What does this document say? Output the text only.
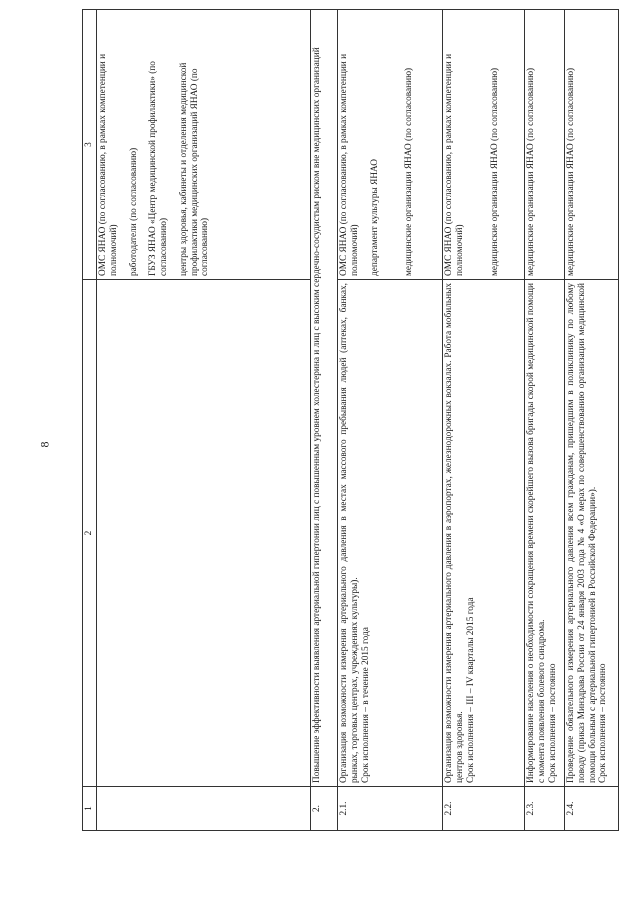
8
1	2	3

		ОМС ЯНАО (по согласованию, в рамках компетенции и полномочий) работодатели (по согласованию) ГБУЗ ЯНАО «Центр медицинской профилактики» (по согласованию) центры здоровья, кабинеты и отделения медицинской профилактики медицинских организаций ЯНАО (по согласованию)

2.	Повышение эффективности выявления артериальной гипертонии лиц с повышенным уровнем холестерина и лиц с высоким сердечно-сосудистым риском вне медицинских организаций	
2.1.	Организация возможности измерения артериального давления в местах массового пребывания людей (аптеках, банках, рынках, торговых центрах, учреждениях культуры). Срок исполнения – в течение 2015 года	ОМС ЯНАО (по согласованию, в рамках компетенции и полномочий) департамент культуры ЯНАО медицинские организации ЯНАО (по согласованию)

2.2.	Организация возможности измерения артериального давления в аэропортах, железнодорожных вокзалах. Работа мобильных центров здоровья. Срок исполнения – III – IV кварталы 2015 года	ОМС ЯНАО (по согласованию, в рамках компетенции и полномочий) медицинские организации ЯНАО (по согласованию)

2.3.	Информирование населения о необходимости сокращения времени скорейшего вызова бригады скорой медицинской помощи с момента появления болевого синдрома. Срок исполнения – постоянно	медицинские организации ЯНАО (по согласованию)

2.4.	Проведение обязательного измерения артериального давления всем гражданам, пришедшим в поликлинику по любому поводу (приказ Минздрава России от 24 января 2003 года № 4 «О мерах по совершенствованию организации медицинской помощи больным с артериальной гипертонией в Российской Федерации»). Срок исполнения – постоянно	медицинские организации ЯНАО (по согласованию)
